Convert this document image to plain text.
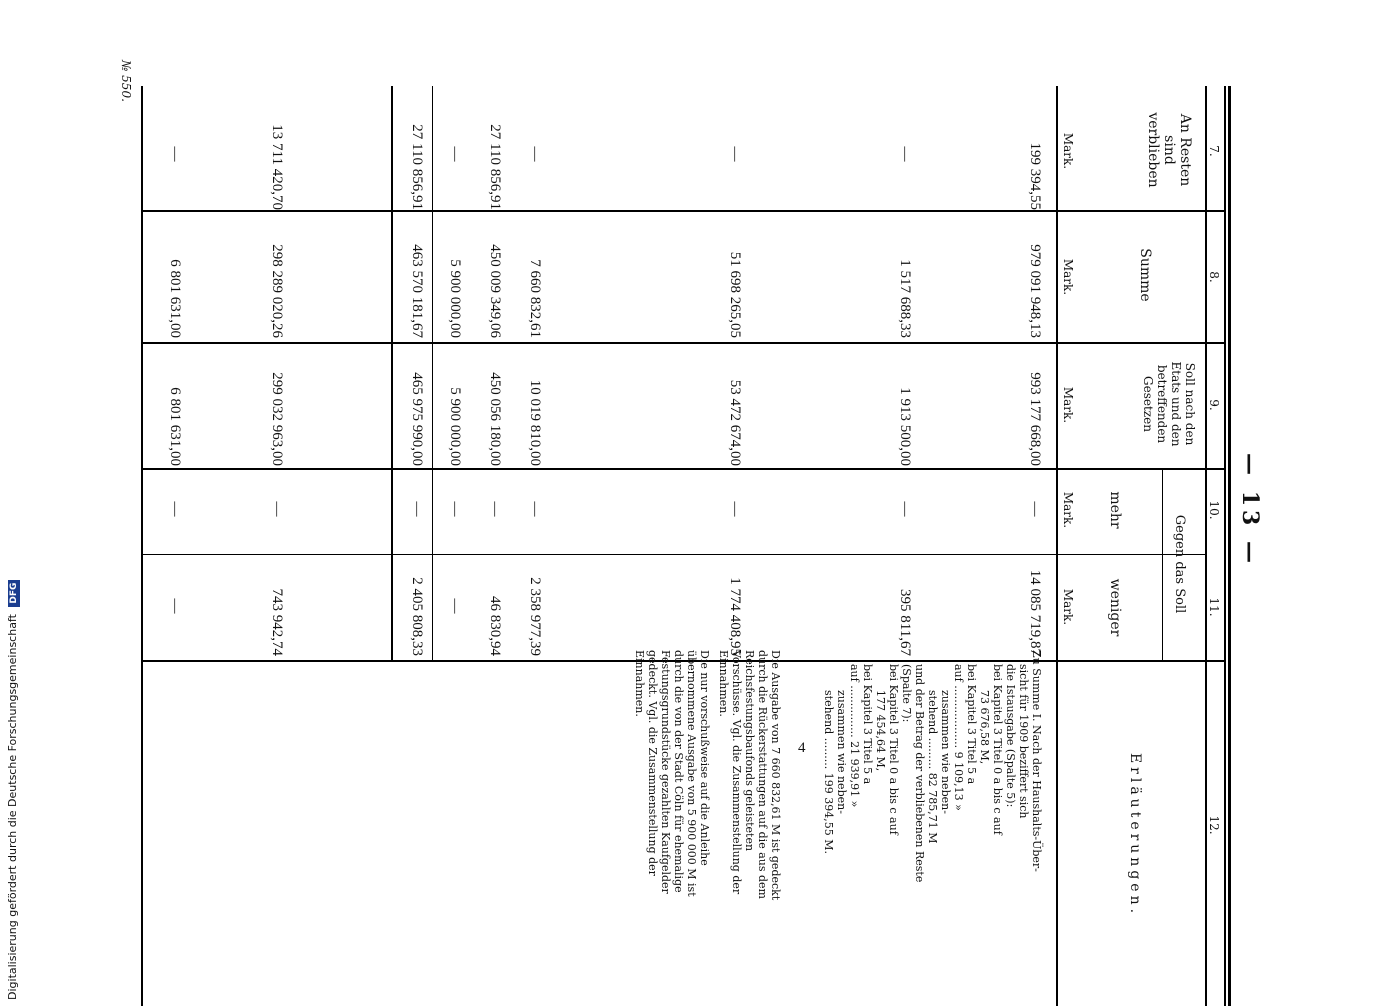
Digitalisierung gefördert durch die Deutsche Forschungsgemeinschaft DFG
4
— 13 —
7.
8.
9.
10.
11.
12.
An Resten sind verblieben
Summe
Soll nach den Etats und den betreffenden Gesetzen
Gegen das Soll
mehr
weniger
Erläuterungen.
Mark.
Mark.
Mark.
Mark.
Mark.
199 394,55
979 091 948,13
993 177 668,00
—
14 085 719,87
—
1 517 688,33
1 913 500,00
—
395 811,67
—
51 698 265,05
53 472 674,00
—
1 774 408,95
—
7 660 832,61
10 019 810,00
—
2 358 977,39
27 110 856,91
450 009 349,06
450 056 180,00
—
46 830,94
—
5 900 000,00
5 900 000,00
—
—
27 110 856,91
463 570 181,67
465 975 990,00
—
2 405 808,33
13 711 420,70
298 289 020,26
299 032 963,00
—
743 942,74
—
6 801 631,00
6 801 631,00
—
—

Zu Summe I. Nach der Haushalts-Über-
sicht für 1909 beziffert sich
die Istausgabe (Spalte 5):
bei Kapitel 3 Titel 0 a bis c auf
73 676,58 M,
bei Kapitel 3 Titel 5 a
auf .................. 9 109,13 »
zusammen wie neben-
stehend ......... 82 785,71 M
und der Betrag der verbliebenen Reste
(Spalte 7):
bei Kapitel 3 Titel 0 a bis c auf
177 454,64 M,
bei Kapitel 3 Titel 5 a
auf ............... 21 939,91 »
zusammen wie neben-
stehend ......... 199 394,55 M.

Die Ausgabe von 7 660 832,61 M ist gedeckt durch die Rückerstattungen auf die aus dem Reichsfestungsbaufonds geleisteten Vorschüsse. Vgl. die Zusammenstellung der Einnahmen.

Die nur vorschußweise auf die Anleihe übernommene Ausgabe von 5 900 000 M ist durch die von der Stadt Cöln für ehemalige Festungsgrundstücke gezahlten Kaufgelder gedeckt. Vgl. die Zusammenstellung der Einnahmen.

№ 550.
